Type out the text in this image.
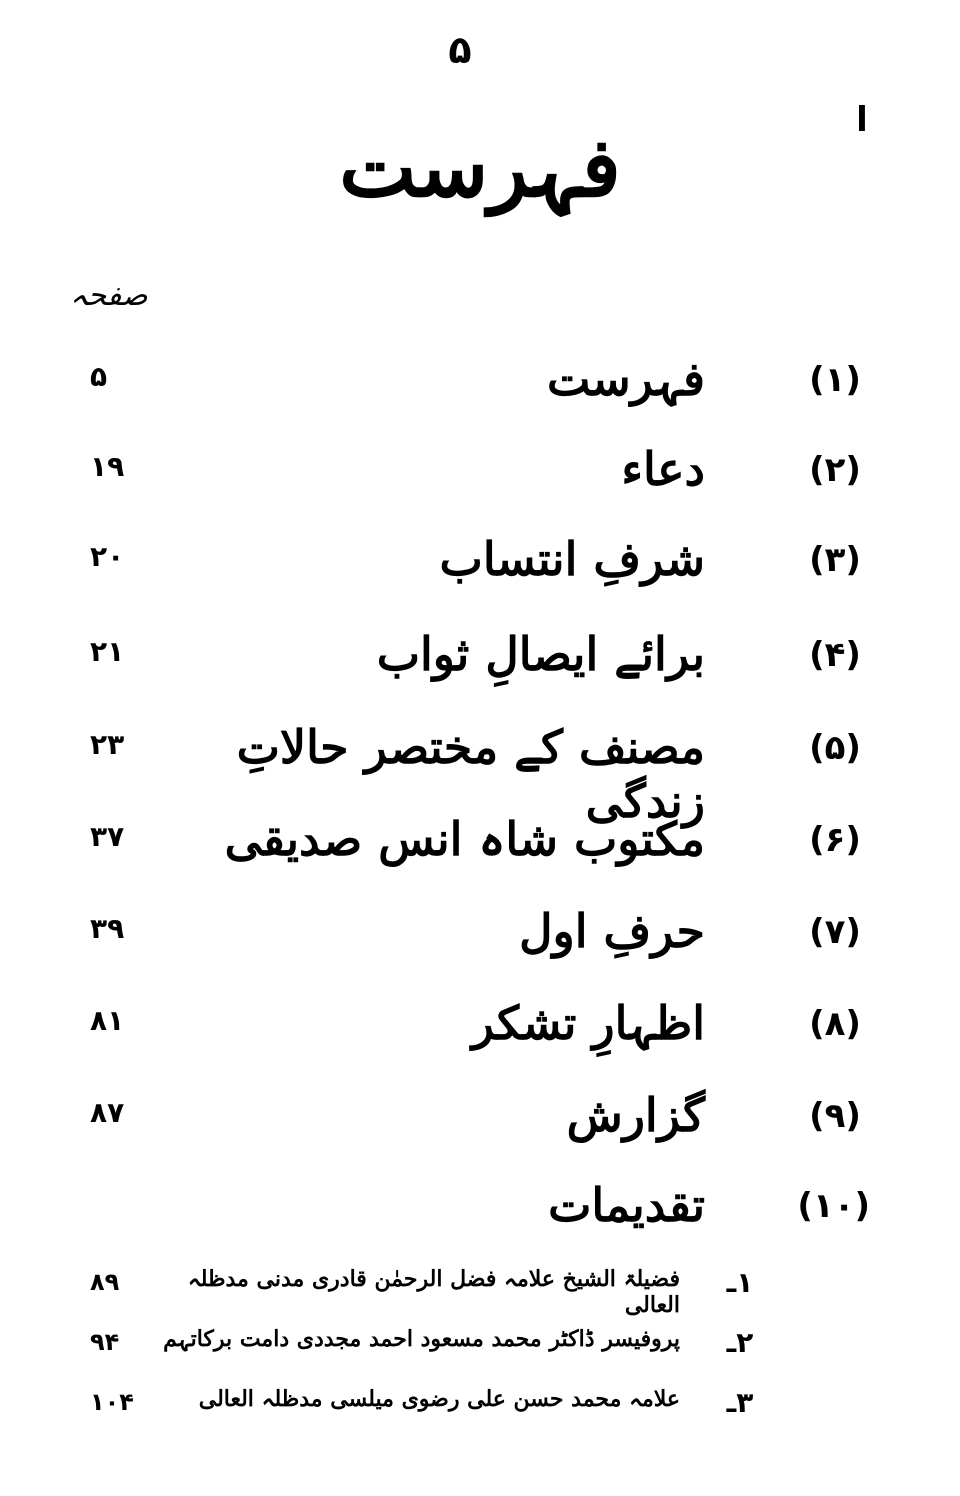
۵
ا
فہرست
صفحہ
(۱)
فہرست
۵
(۲)
دعاء
۱۹
(۳)
شرفِ انتساب
۲۰
(۴)
برائے ایصالِ ثواب
۲۱
(۵)
مصنف کے مختصر حالاتِ زندگی
۲۳
(۶)
مکتوب شاہ انس صدیقی
۳۷
(۷)
حرفِ اول
۳۹
(۸)
اظہارِ تشکر
۸۱
(۹)
گزارش
۸۷
(۱۰)
تقدیمات
۱ـ
فضیلۃ الشیخ علامہ فضل الرحمٰن قادری مدنی مدظلہ العالی
۸۹
۲ـ
پروفیسر ڈاکٹر محمد مسعود احمد مجددی دامت برکاتہم
۹۴
۳ـ
علامہ محمد حسن علی رضوی میلسی مدظلہ العالی
۱۰۴
